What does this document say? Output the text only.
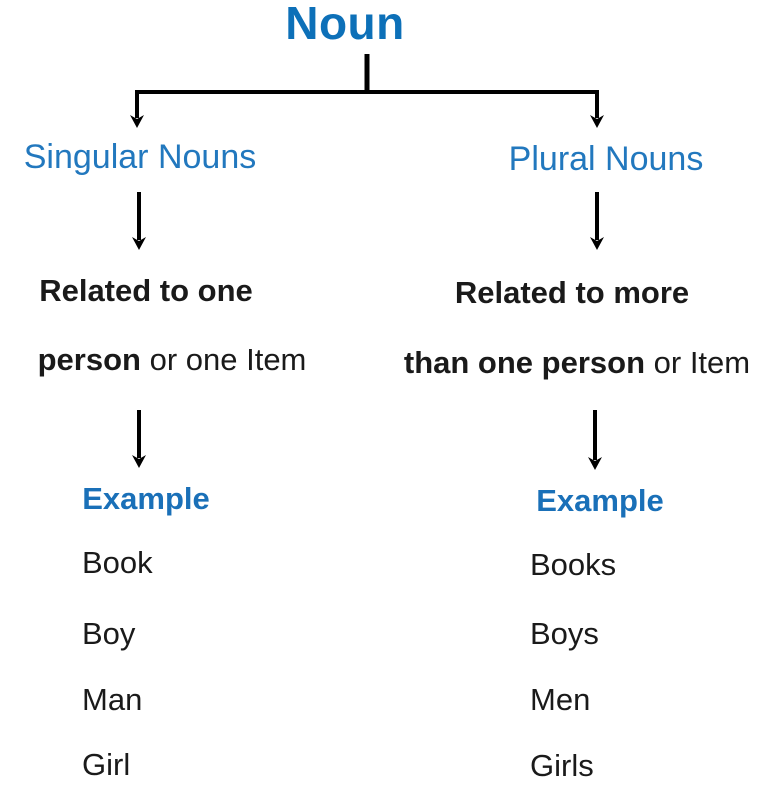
Noun
Singular Nouns	Plural Nouns
Related to one
person or one Item
Related to more
than one person or Item
Example
Book
Boy
Man
Girl
Example
Books
Boys
Men
Girls
